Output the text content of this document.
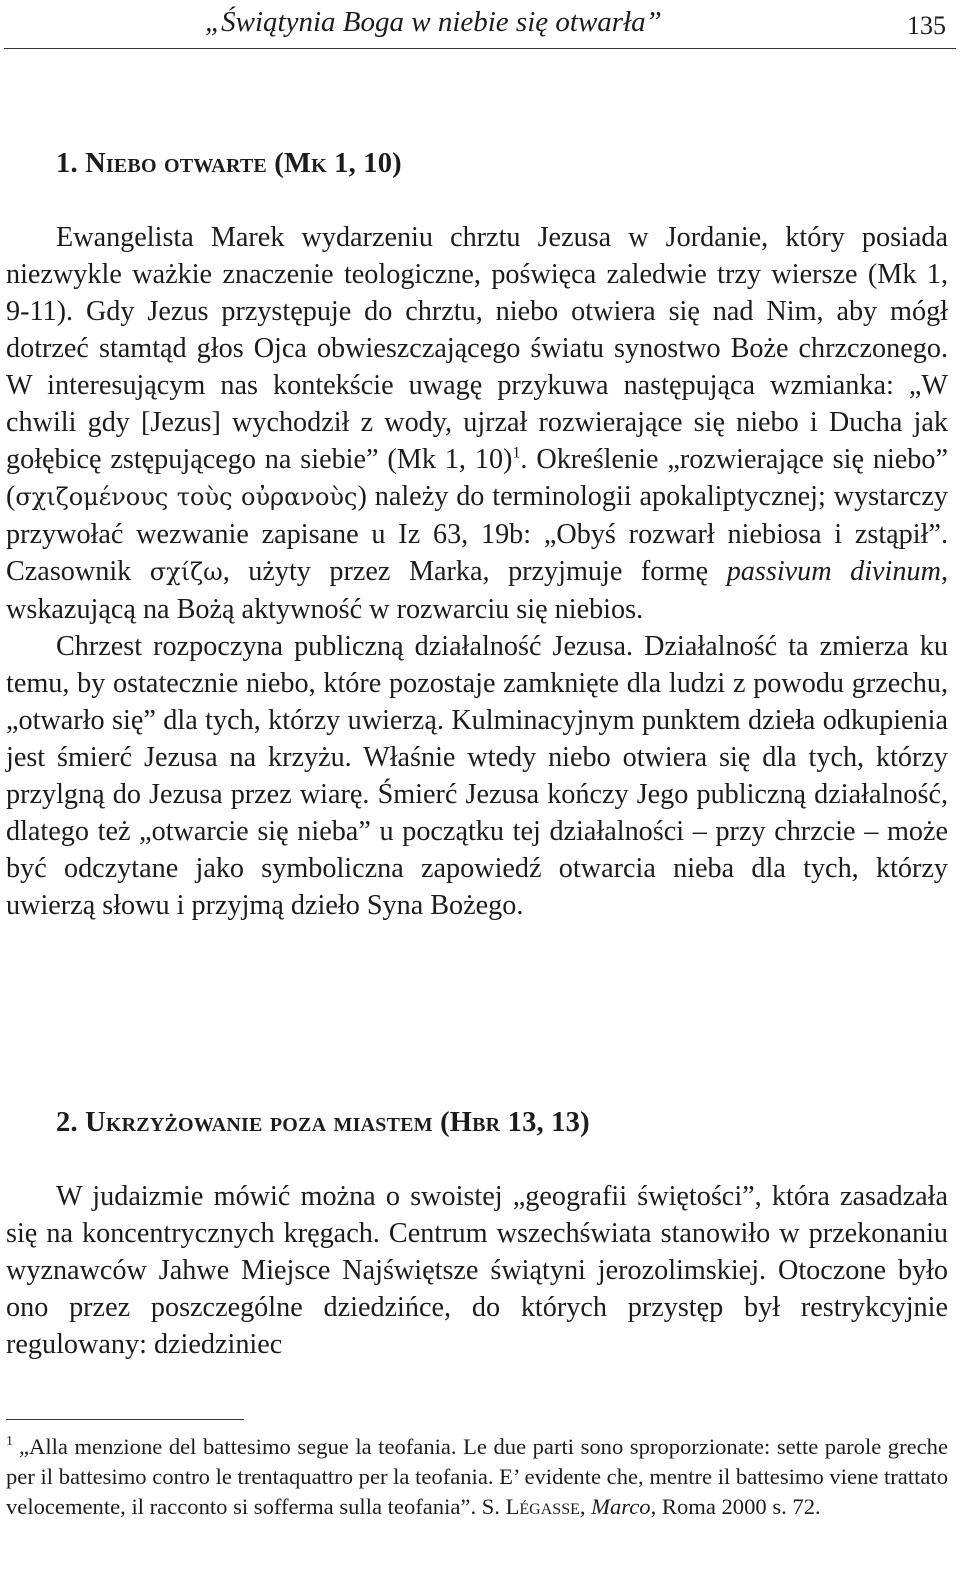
„Świątynia Boga w niebie się otwarła”	135
1. Niebo otwarte (Mk 1, 10)

Ewangelista Marek wydarzeniu chrztu Jezusa w Jordanie, który posiada niezwykle ważkie znaczenie teologiczne, poświęca zaledwie trzy wiersze (Mk 1, 9-11). Gdy Jezus przystępuje do chrztu, niebo otwiera się nad Nim, aby mógł dotrzeć stamtąd głos Ojca obwieszczającego światu synostwo Boże chrzczonego. W interesującym nas kontekście uwagę przykuwa następująca wzmianka: „W chwili gdy [Jezus] wychodził z wody, ujrzał rozwierające się niebo i Ducha jak gołębicę zstępującego na siebie” (Mk 1, 10)$^1$. Określenie „rozwierające się niebo” (σχιζομένους τοὺς οὐρανοὺς) należy do terminologii apokaliptycznej; wystarczy przywołać wezwanie zapisane u Iz 63, 19b: „Obyś rozwarł niebiosa i zstąpił”. Czasownik σχίζω, użyty przez Marka, przyjmuje formę passivum divinum, wskazującą na Bożą aktywność w rozwarciu się niebios.

Chrzest rozpoczyna publiczną działalność Jezusa. Działalność ta zmierza ku temu, by ostatecznie niebo, które pozostaje zamknięte dla ludzi z powodu grzechu, „otwarło się” dla tych, którzy uwierzą. Kulminacyjnym punktem dzieła odkupienia jest śmierć Jezusa na krzyżu. Właśnie wtedy niebo otwiera się dla tych, którzy przylgną do Jezusa przez wiarę. Śmierć Jezusa kończy Jego publiczną działalność, dlatego też „otwarcie się nieba” u początku tej działalności – przy chrzcie – może być odczytane jako symboliczna zapowiedź otwarcia nieba dla tych, którzy uwierzą słowu i przyjmą dzieło Syna Bożego.

2. Ukrzyżowanie poza miastem (Hbr 13, 13)

W judaizmie mówić można o swoistej „geografii świętości”, która zasadzała się na koncentrycznych kręgach. Centrum wszechświata stanowiło w przekonaniu wyznawców Jahwe Miejsce Najświętsze świątyni jerozolimskiej. Otoczone było ono przez poszczególne dziedzińce, do których przystęp był restrykcyjnie regulowany: dziedziniec

$^1$ „Alla menzione del battesimo segue la teofania. Le due parti sono sproporzionate: sette parole greche per il battesimo contro le trentaquattro per la teofania. E’ evidente che, mentre il battesimo viene trattato velocemente, il racconto si sofferma sulla teofania”. S. Légasse, Marco, Roma 2000 s. 72.
